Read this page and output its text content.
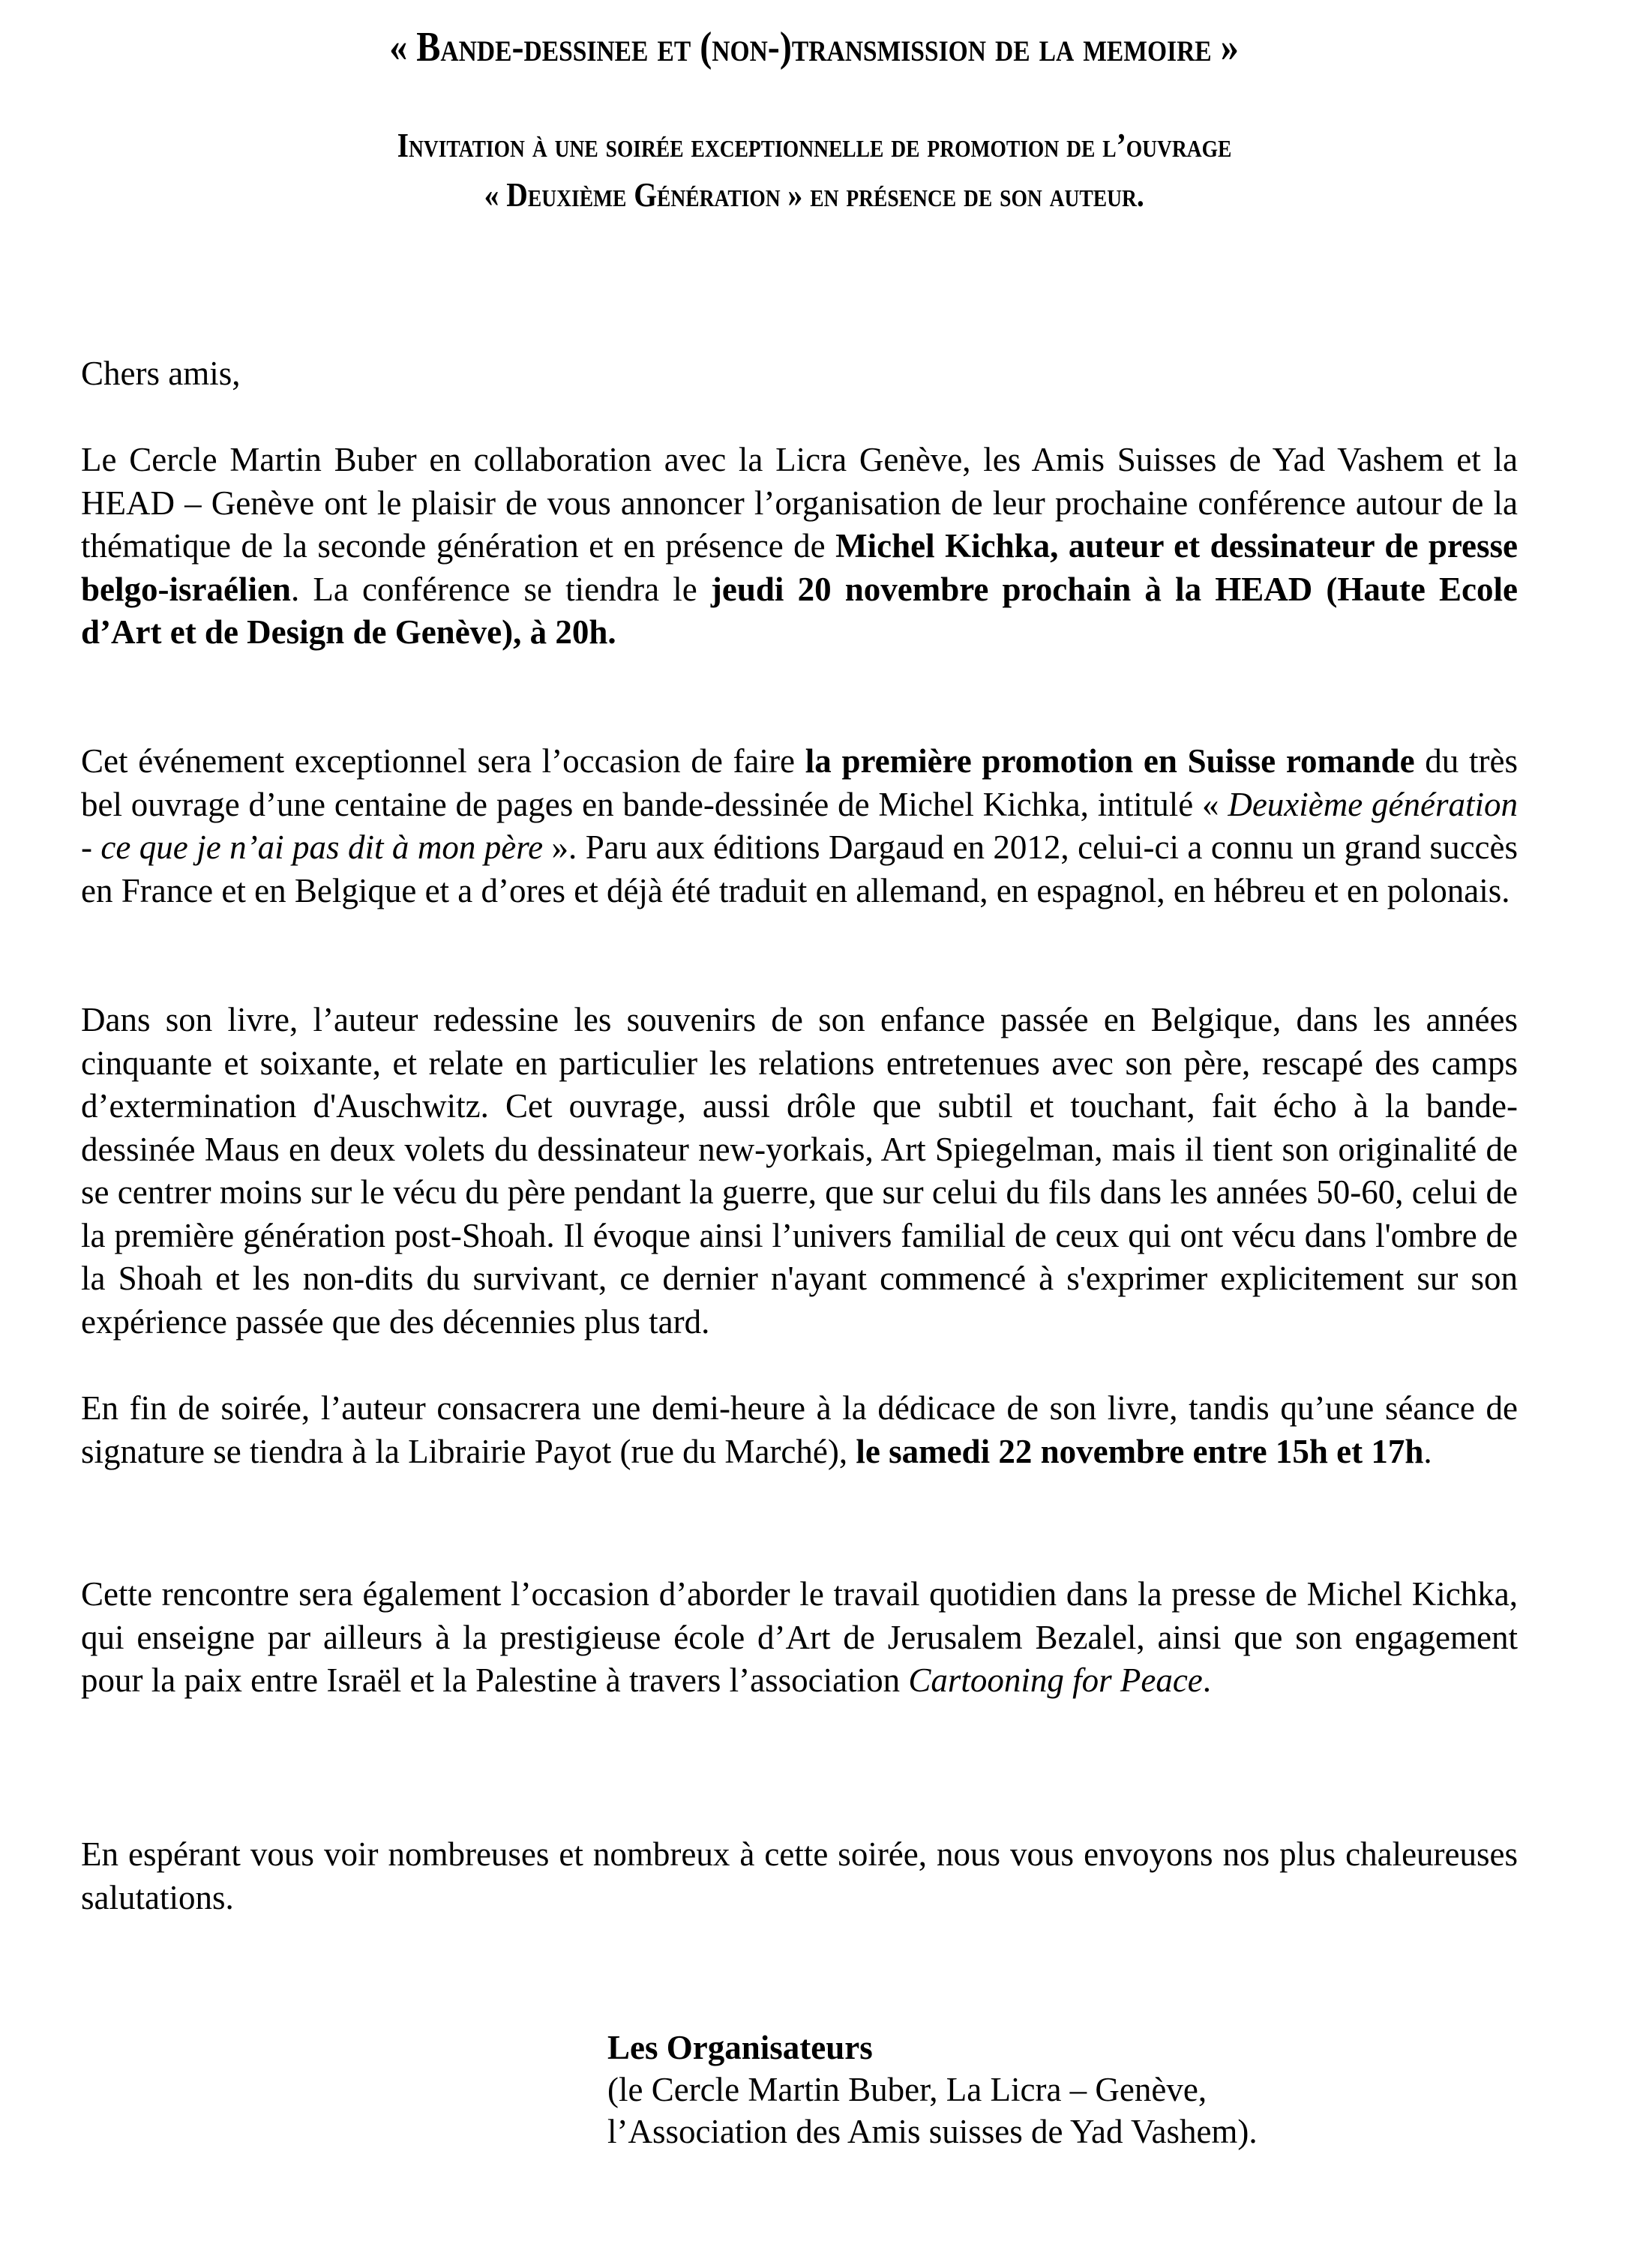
« Bande-dessinee et (non-)transmission de la memoire »
Invitation à une soirée exceptionnelle de promotion de l’ouvrage
« Deuxième Génération » en présence de son auteur.

Chers amis,

Le Cercle Martin Buber en collaboration avec la Licra Genève, les Amis Suisses de Yad Vashem et la HEAD – Genève ont le plaisir de vous annoncer l’organisation de leur prochaine conférence autour de la thématique de la seconde génération et en présence de Michel Kichka, auteur et dessinateur de presse belgo-israélien. La conférence se tiendra le jeudi 20 novembre prochain à la HEAD (Haute Ecole d’Art et de Design de Genève), à 20h.

Cet événement exceptionnel sera l’occasion de faire la première promotion en Suisse romande du très bel ouvrage d’une centaine de pages en bande-dessinée de Michel Kichka, intitulé « Deuxième génération - ce que je n’ai pas dit à mon père ». Paru aux éditions Dargaud en 2012, celui-ci a connu un grand succès en France et en Belgique et a d’ores et déjà été traduit en allemand, en espagnol, en hébreu et en polonais.

Dans son livre, l’auteur redessine les souvenirs de son enfance passée en Belgique, dans les années cinquante et soixante, et relate en particulier les relations entretenues avec son père, rescapé des camps d’extermination d'Auschwitz. Cet ouvrage, aussi drôle que subtil et touchant, fait écho à la bande-dessinée Maus en deux volets du dessinateur new-yorkais, Art Spiegelman, mais il tient son originalité de se centrer moins sur le vécu du père pendant la guerre, que sur celui du fils dans les années 50-60, celui de la première génération post-Shoah. Il évoque ainsi l’univers familial de ceux qui ont vécu dans l'ombre de la Shoah et les non-dits du survivant, ce dernier n'ayant commencé à s'exprimer explicitement sur son expérience passée que des décennies plus tard.

En fin de soirée, l’auteur consacrera une demi-heure à la dédicace de son livre, tandis qu’une séance de signature se tiendra à la Librairie Payot (rue du Marché), le samedi 22 novembre entre 15h et 17h.

Cette rencontre sera également l’occasion d’aborder le travail quotidien dans la presse de Michel Kichka, qui enseigne par ailleurs à la prestigieuse école d’Art de Jerusalem Bezalel, ainsi que son engagement pour la paix entre Israël et la Palestine à travers l’association Cartooning for Peace.

En espérant vous voir nombreuses et nombreux à cette soirée, nous vous envoyons nos plus chaleureuses salutations.

Les Organisateurs
(le Cercle Martin Buber, La Licra – Genève,
l’Association des Amis suisses de Yad Vashem).
